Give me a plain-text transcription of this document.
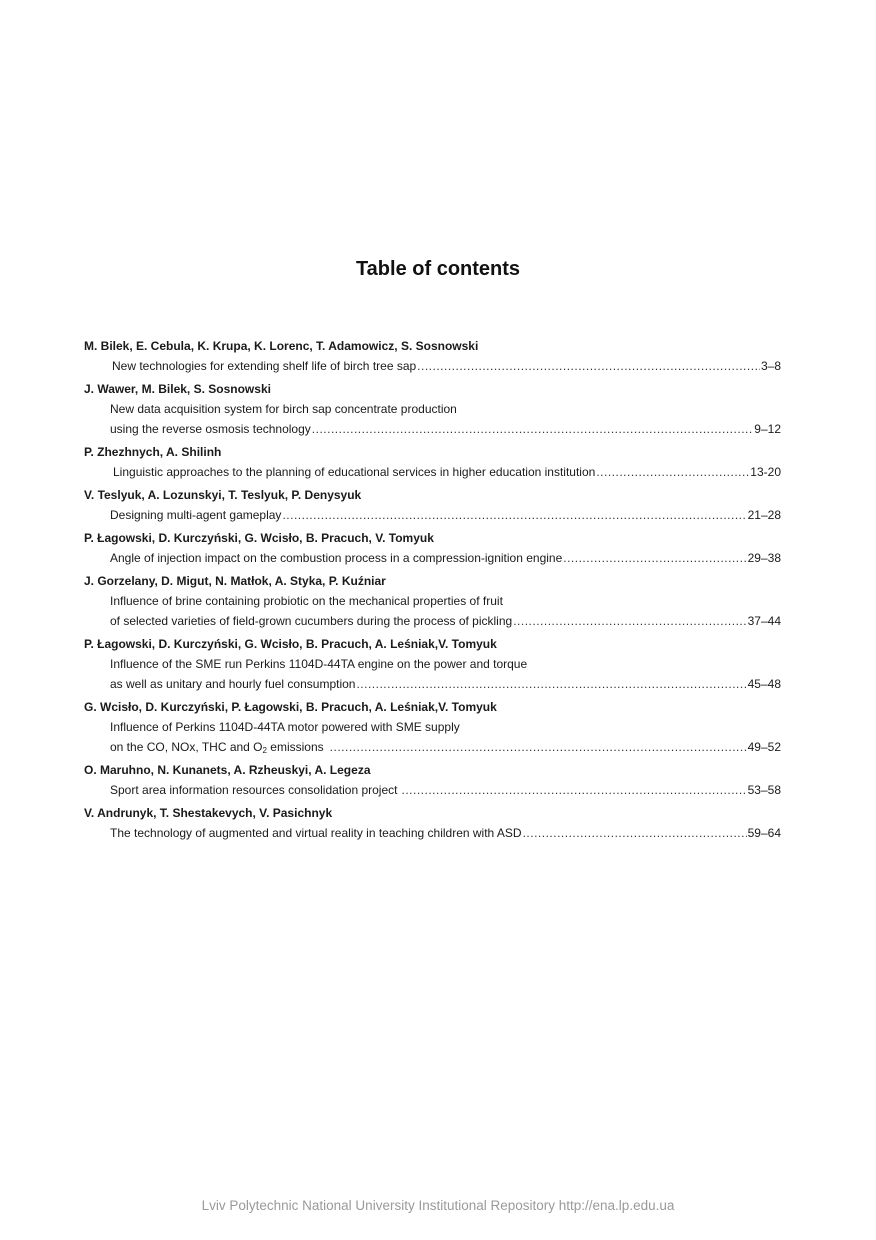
Table of contents
M. Bilek, E. Cebula, K. Krupa, K. Lorenc, T. Adamowicz, S. Sosnowski
New technologies for extending shelf life of birch tree sap .....	3–8
J. Wawer, M. Bilek, S. Sosnowski
New data acquisition system for birch sap concentrate production
using the reverse osmosis technology .....	9–12
P. Zhezhnych, A. Shilinh
Linguistic approaches to the planning of educational services in higher education institution .....	13-20
V. Teslyuk, A. Lozunskyi, T. Teslyuk, P. Denysyuk
Designing multi-agent gameplay .....	21–28
P. Łagowski, D. Kurczyński, G. Wcisło, B. Pracuch, V. Tomyuk
Angle of injection impact on the combustion process in a compression-ignition engine .....	29–38
J. Gorzelany, D. Migut, N. Matłok, A. Styka, P. Kuźniar
Influence of brine containing probiotic on the mechanical properties of fruit
of selected varieties of field-grown cucumbers during the process of pickling .....	37–44
P. Łagowski, D. Kurczyński, G. Wcisło, B. Pracuch, A. Leśniak,V. Tomyuk
Influence of the SME run Perkins 1104D-44TA engine on the power and torque
as well as unitary and hourly fuel consumption .....	45–48
G. Wcisło, D. Kurczyński, P. Łagowski, B. Pracuch, A. Leśniak,V. Tomyuk
Influence of Perkins 1104D-44TA motor powered with SME supply
on the CO, NOx, THC and $O_2$ emissions .....	49–52
O. Maruhno, N. Kunanets, A. Rzheuskyi, A. Legeza
Sport area information resources consolidation project .....	53–58
V. Andrunyk, T. Shestakevych, V. Pasichnyk
The technology of augmented and virtual reality in teaching children with ASD .....	59–64
Lviv Polytechnic National University Institutional Repository http://ena.lp.edu.ua
